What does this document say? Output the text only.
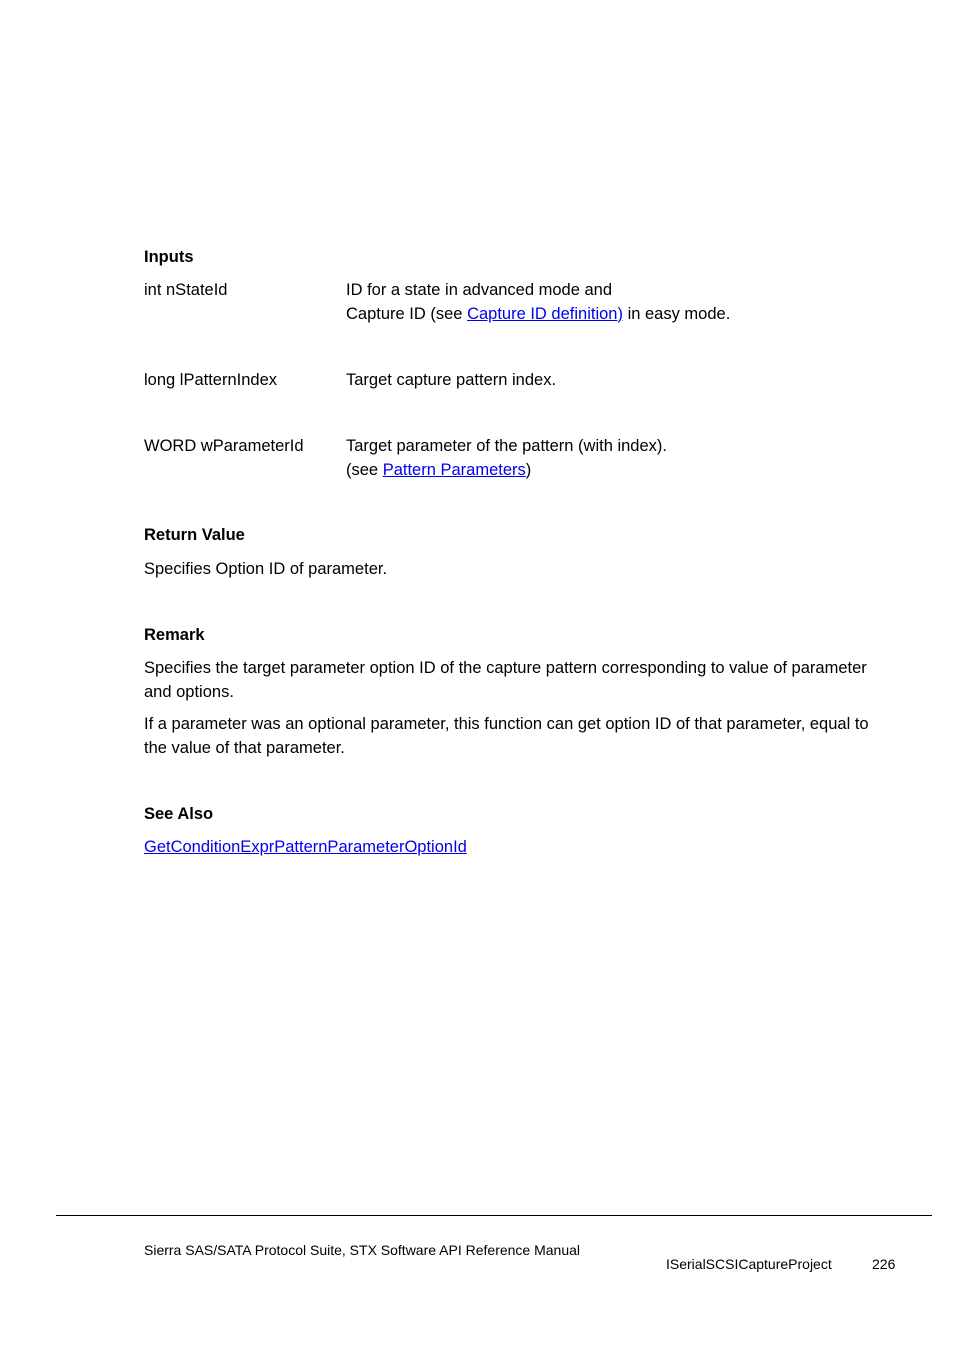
Inputs
int nStateId	ID for a state in advanced mode and
Capture ID (see Capture ID definition) in easy mode.
long lPatternIndex	Target capture pattern index.
WORD wParameterId	Target parameter of the pattern (with index).
(see Pattern Parameters)
Return Value
Specifies Option ID of parameter.
Remark
Specifies the target parameter option ID of the capture pattern corresponding to value of parameter and options.
If a parameter was an optional parameter, this function can get option ID of that parameter, equal to the value of that parameter.
See Also
GetConditionExprPatternParameterOptionId
Sierra SAS/SATA Protocol Suite, STX Software API Reference Manual
ISerialSCSICaptureProject	226
